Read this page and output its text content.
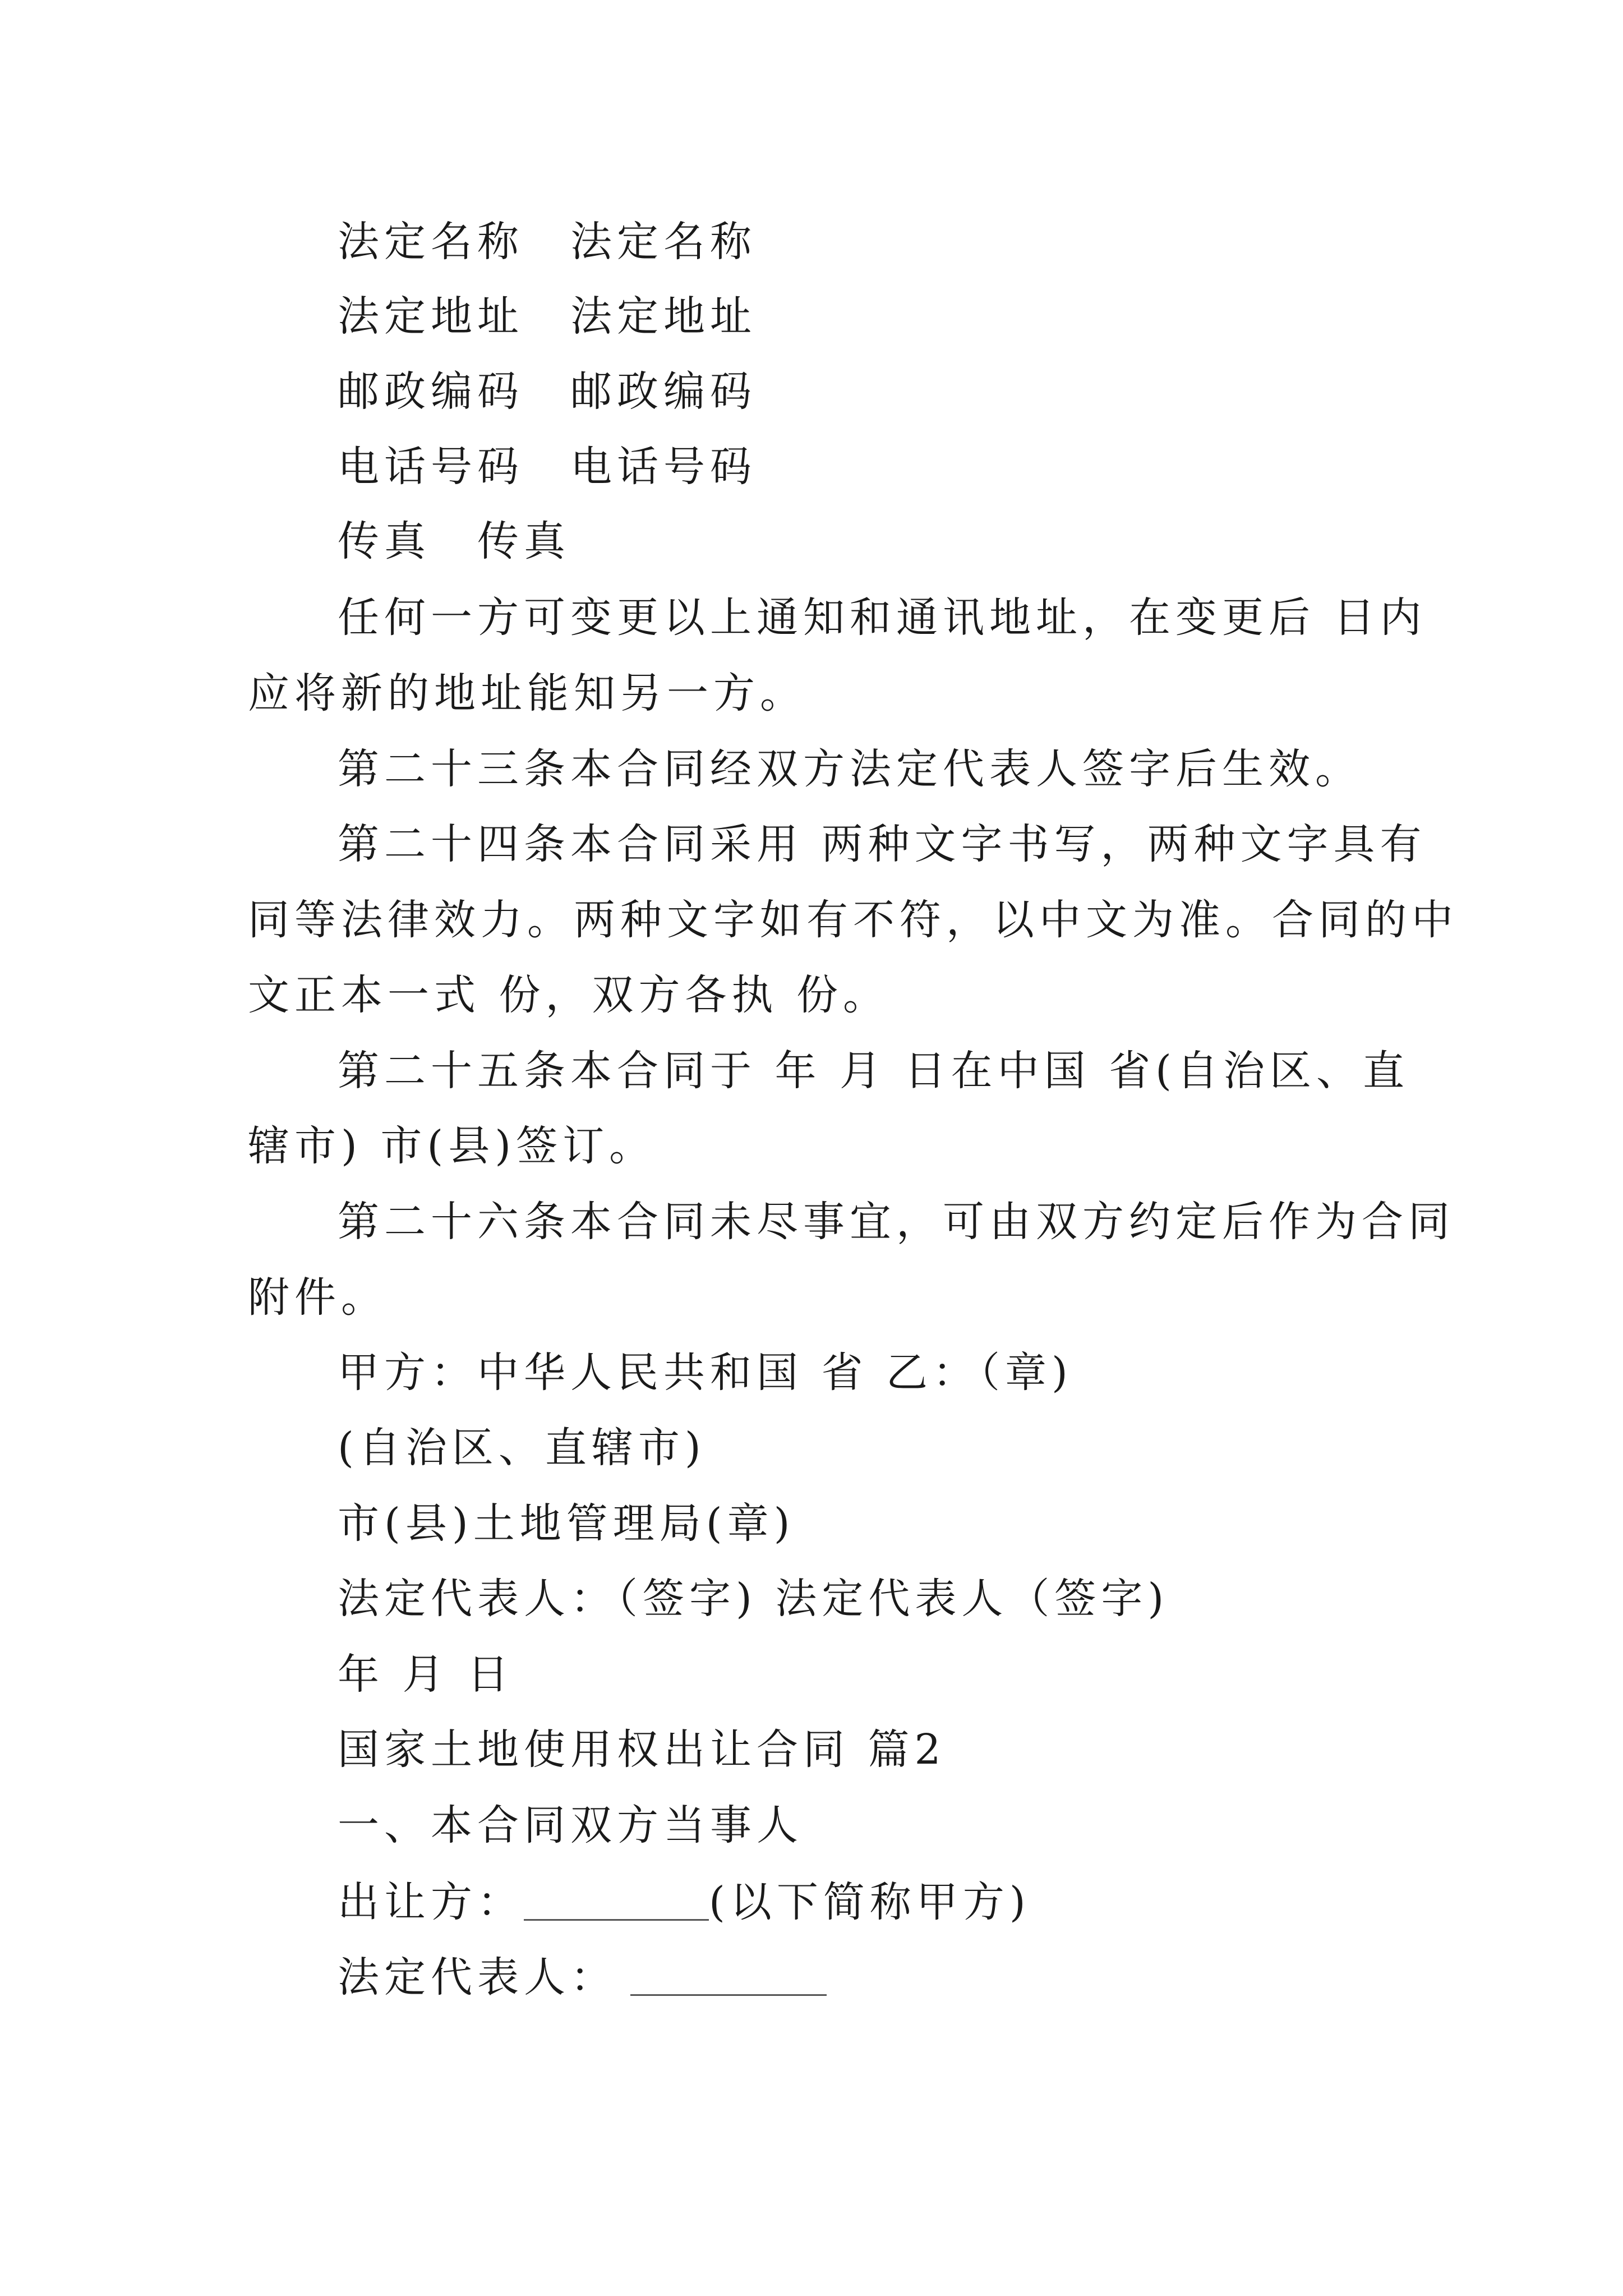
法定名称　法定名称
法定地址　法定地址
邮政编码　邮政编码
电话号码　电话号码
传真　传真
任何一方可变更以上通知和通讯地址，在变更后 日内
应将新的地址能知另一方。
第二十三条本合同经双方法定代表人签字后生效。
第二十四条本合同采用 两种文字书写，两种文字具有
同等法律效力。两种文字如有不符，以中文为准。合同的中
文正本一式 份，双方各执 份。
第二十五条本合同于 年 月 日在中国 省(自治区、直
辖市) 市(县)签订。
第二十六条本合同未尽事宜，可由双方约定后作为合同
附件。
甲方：中华人民共和国 省 乙：（章)
(自治区、直辖市)
市(县)土地管理局(章)
法定代表人：（签字) 法定代表人（签字)
年 月 日
国家土地使用权出让合同 篇2
一、本合同双方当事人
出让方：	(以下简称甲方)
法定代表人：
